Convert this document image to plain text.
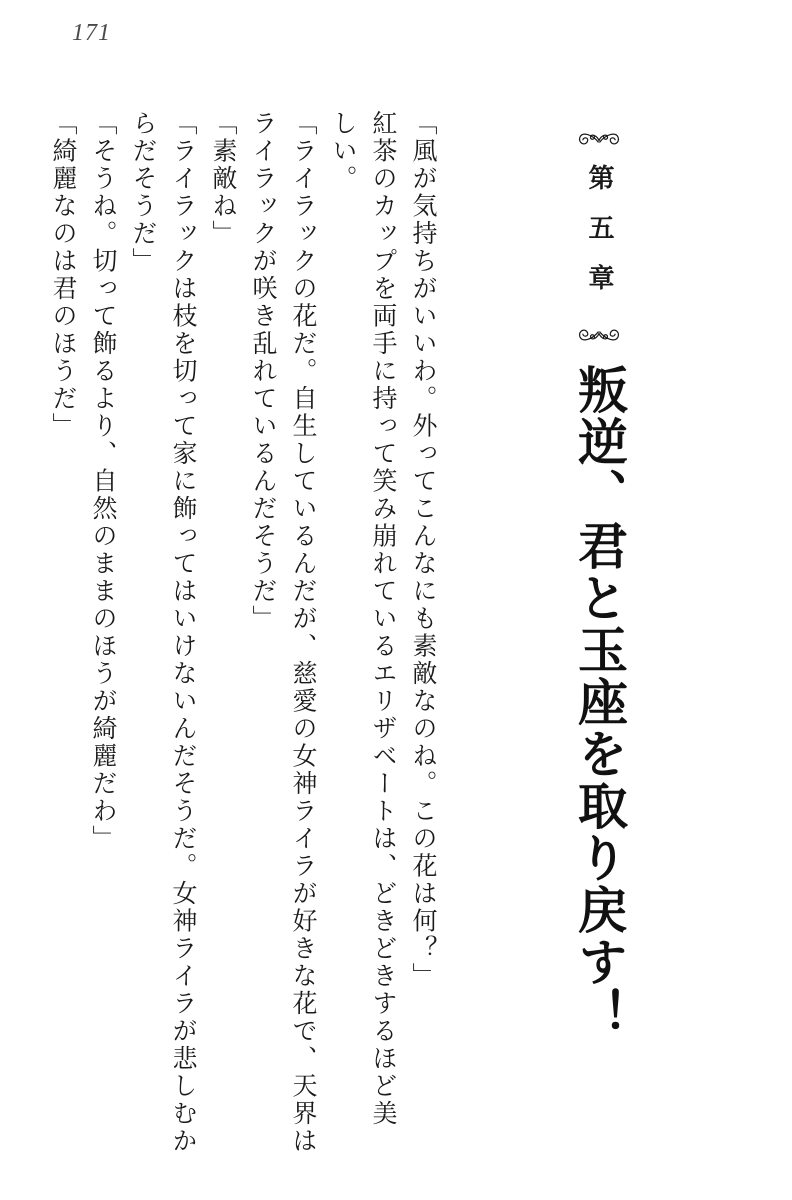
171
第五章
叛逆、君と玉座を取り戻す！

「風が気持ちがいいわ。外ってこんなにも素敵なのね。この花は何？」

紅茶のカップを両手に持って笑み崩れているエリザベートは、どきどきするほど美

しい。

「ライラックの花だ。自生しているんだが、慈愛の女神ライラが好きな花で、天界は

ライラックが咲き乱れているんだそうだ」

「素敵ね」

「ライラックは枝を切って家に飾ってはいけないんだそうだ。女神ライラが悲しむか

らだそうだ」

「そうね。切って飾るより、自然のままのほうが綺麗だわ」

「綺麗なのは君のほうだ」
